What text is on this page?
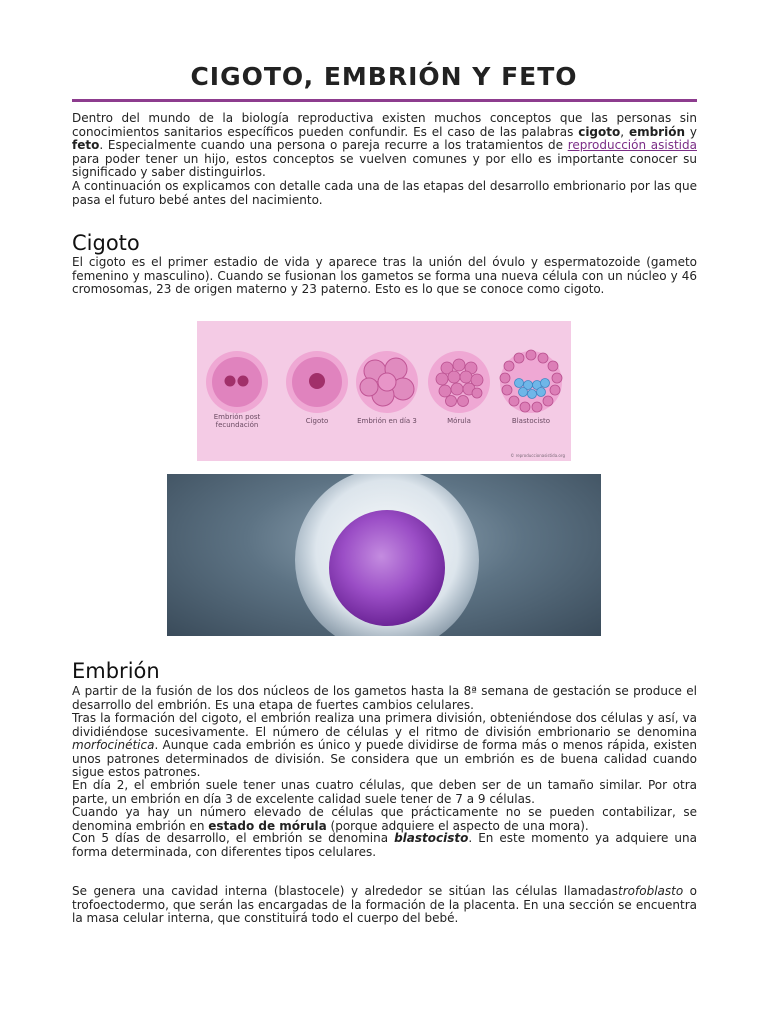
CIGOTO, EMBRIÓN Y FETO

Dentro del mundo de la biología reproductiva existen muchos conceptos que las personas sin conocimientos sanitarios específicos pueden confundir. Es el caso de las palabras cigoto, embrión y feto. Especialmente cuando una persona o pareja recurre a los tratamientos de reproducción asistida para poder tener un hijo, estos conceptos se vuelven comunes y por ello es importante conocer su significado y saber distinguirlos.

A continuación os explicamos con detalle cada una de las etapas del desarrollo embrionario por las que pasa el futuro bebé antes del nacimiento.

Cigoto

El cigoto es el primer estadio de vida y aparece tras la unión del óvulo y espermatozoide (gameto femenino y masculino). Cuando se fusionan los gametos se forma una nueva célula con un núcleo y 46 cromosomas, 23 de origen materno y 23 paterno. Esto es lo que se conoce como cigoto.

Embrión post fecundación	Cigoto	Embrión en día 3	Mórula	Blastocisto
© reproduccionasistida.org
Embrión

A partir de la fusión de los dos núcleos de los gametos hasta la 8ª semana de gestación se produce el desarrollo del embrión. Es una etapa de fuertes cambios celulares.

Tras la formación del cigoto, el embrión realiza una primera división, obteniéndose dos células y así, va dividiéndose sucesivamente. El número de células y el ritmo de división embrionario se denomina morfocinética. Aunque cada embrión es único y puede dividirse de forma más o menos rápida, existen unos patrones determinados de división. Se considera que un embrión es de buena calidad cuando sigue estos patrones.

En día 2, el embrión suele tener unas cuatro células, que deben ser de un tamaño similar. Por otra parte, un embrión en día 3 de excelente calidad suele tener de 7 a 9 células.

Cuando ya hay un número elevado de células que prácticamente no se pueden contabilizar, se denomina embrión en estado de mórula (porque adquiere el aspecto de una mora).

Con 5 días de desarrollo, el embrión se denomina blastocisto. En este momento ya adquiere una forma determinada, con diferentes tipos celulares.

Se genera una cavidad interna (blastocele) y alrededor se sitúan las células llamadastrofoblasto o trofoectodermo, que serán las encargadas de la formación de la placenta. En una sección se encuentra la masa celular interna, que constituirá todo el cuerpo del bebé.
